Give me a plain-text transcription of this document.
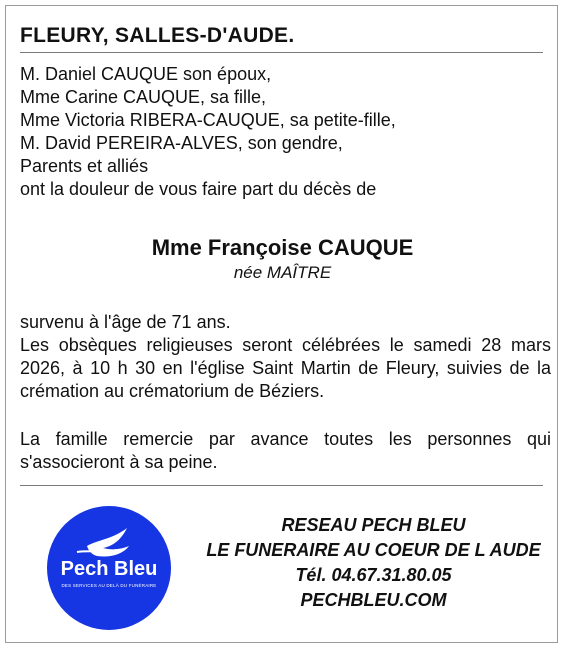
FLEURY, SALLES-D'AUDE.
M. Daniel CAUQUE son époux,
Mme Carine CAUQUE, sa fille,
Mme Victoria RIBERA-CAUQUE, sa petite-fille,
M. David PEREIRA-ALVES, son gendre,
Parents et alliés
ont la douleur de vous faire part du décès de
Mme Françoise CAUQUE
née MAÎTRE

survenu à l'âge de 71 ans.

Les obsèques religieuses seront célébrées le samedi 28 mars 2026, à 10 h 30 en l'église Saint Martin de Fleury, suivies de la crémation au crématorium de Béziers.

La famille remercie par avance toutes les personnes qui s'associeront à sa peine.

Pech Bleu
DES SERVICES AU DELÀ DU FUNÉRAIRE
RESEAU PECH BLEU
LE FUNERAIRE AU COEUR DE L AUDE
Tél. 04.67.31.80.05
PECHBLEU.COM
